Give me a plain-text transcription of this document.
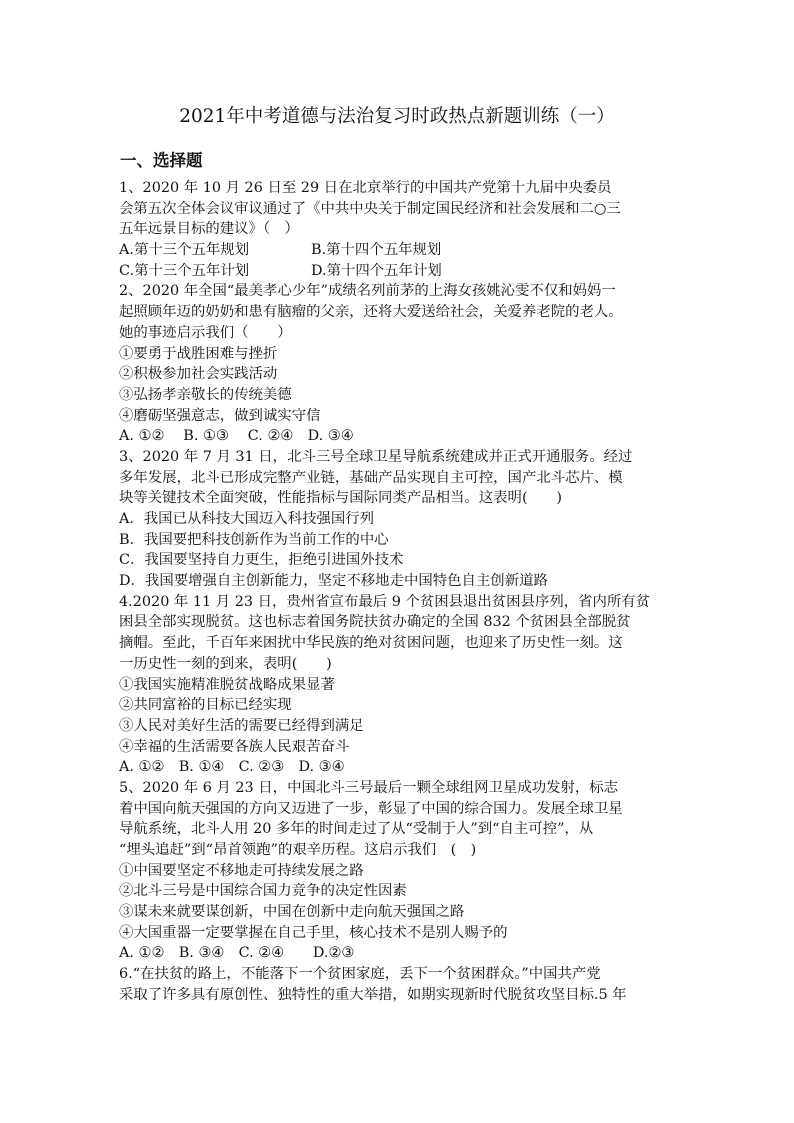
2021年中考道德与法治复习时政热点新题训练（一）
一、选择题
1、2020 年 10 月 26 日至 29 日在北京举行的中国共产党第十九届中央委员
会第五次全体会议审议通过了《中共中央关于制定国民经济和社会发展和二○三
五年远景目标的建议》（　）
A.第十三个五年规划	B.第十四个五年规划
C.第十三个五年计划	D.第十四个五年计划
2、2020 年全国“最美孝心少年”成绩名列前茅的上海女孩姚沁雯不仅和妈妈一
起照顾年迈的奶奶和患有脑瘤的父亲，还将大爱送给社会，关爱养老院的老人。
她的事迹启示我们（　　）
①要勇于战胜困难与挫折
②积极参加社会实践活动
③弘扬孝亲敬长的传统美德
④磨砺坚强意志，做到诚实守信
A. ①②　 B. ①③　 C. ②④　D. ③④
3、2020 年 7 月 31 日，北斗三号全球卫星导航系统建成并正式开通服务。经过
多年发展，北斗已形成完整产业链，基础产品实现自主可控，国产北斗芯片、模
块等关键技术全面突破，性能指标与国际同类产品相当。这表明(　　)
A．我国已从科技大国迈入科技强国行列
B．我国要把科技创新作为当前工作的中心
C．我国要坚持自力更生，拒绝引进国外技术
D．我国要增强自主创新能力，坚定不移地走中国特色自主创新道路
4.2020 年 11 月 23 日，贵州省宣布最后 9 个贫困县退出贫困县序列，省内所有贫
困县全部实现脱贫。这也标志着国务院扶贫办确定的全国 832 个贫困县全部脱贫
摘帽。至此，千百年来困扰中华民族的绝对贫困问题，也迎来了历史性一刻。这
一历史性一刻的到来，表明(　　)
①我国实施精准脱贫战略成果显著
②共同富裕的目标已经实现
③人民对美好生活的需要已经得到满足
④幸福的生活需要各族人民艰苦奋斗
A. ①②　B. ①④　C. ②③　D. ③④
5、2020 年 6 月 23 日，中国北斗三号最后一颗全球组网卫星成功发射，标志
着中国向航天强国的方向又迈进了一步，彰显了中国的综合国力。发展全球卫星
导航系统，北斗人用 20 多年的时间走过了从“受制于人”到“自主可控”，从
“埋头追赶”到“昂首领跑”的艰辛历程。这启示我们　(　)
①中国要坚定不移地走可持续发展之路
②北斗三号是中国综合国力竞争的决定性因素
③谋未来就要谋创新，中国在创新中走向航天强国之路
④大国重器一定要掌握在自己手里，核心技术不是别人赐予的
A. ①②　B. ③④　C. ②④　　D.②③
6.“在扶贫的路上，不能落下一个贫困家庭，丢下一个贫困群众。”中国共产党
采取了许多具有原创性、独特性的重大举措，如期实现新时代脱贫攻坚目标.5 年
